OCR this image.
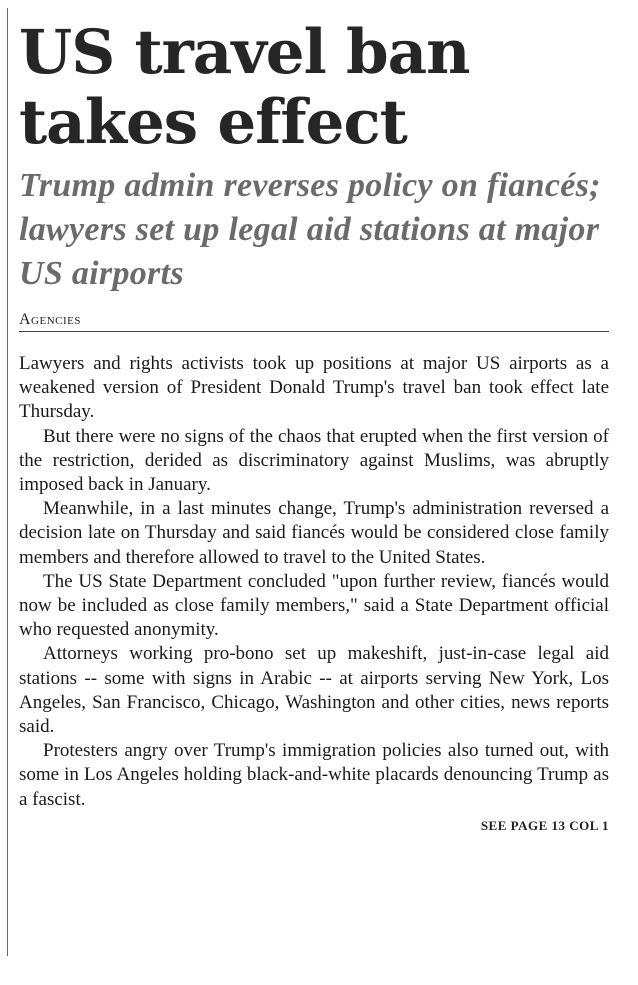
US travel ban takes effect
Trump admin reverses policy on fiancés; lawyers set up legal aid stations at major US airports
Agencies

Lawyers and rights activists took up positions at major US airports as a weakened version of President Donald Trump's travel ban took effect late Thursday.

But there were no signs of the chaos that erupted when the first version of the restriction, derided as discriminatory against Muslims, was abruptly imposed back in January.

Meanwhile, in a last minutes change, Trump's administration reversed a decision late on Thursday and said fiancés would be considered close family members and therefore allowed to travel to the United States.

The US State Department concluded "upon further review, fiancés would now be included as close family members," said a State Department official who requested anonymity.

Attorneys working pro-bono set up makeshift, just-in-case legal aid stations -- some with signs in Arabic -- at airports serving New York, Los Angeles, San Francisco, Chicago, Washington and other cities, news reports said.

Protesters angry over Trump's immigration policies also turned out, with some in Los Angeles holding black-and-white placards denouncing Trump as a fascist.

SEE PAGE 13 COL 1
